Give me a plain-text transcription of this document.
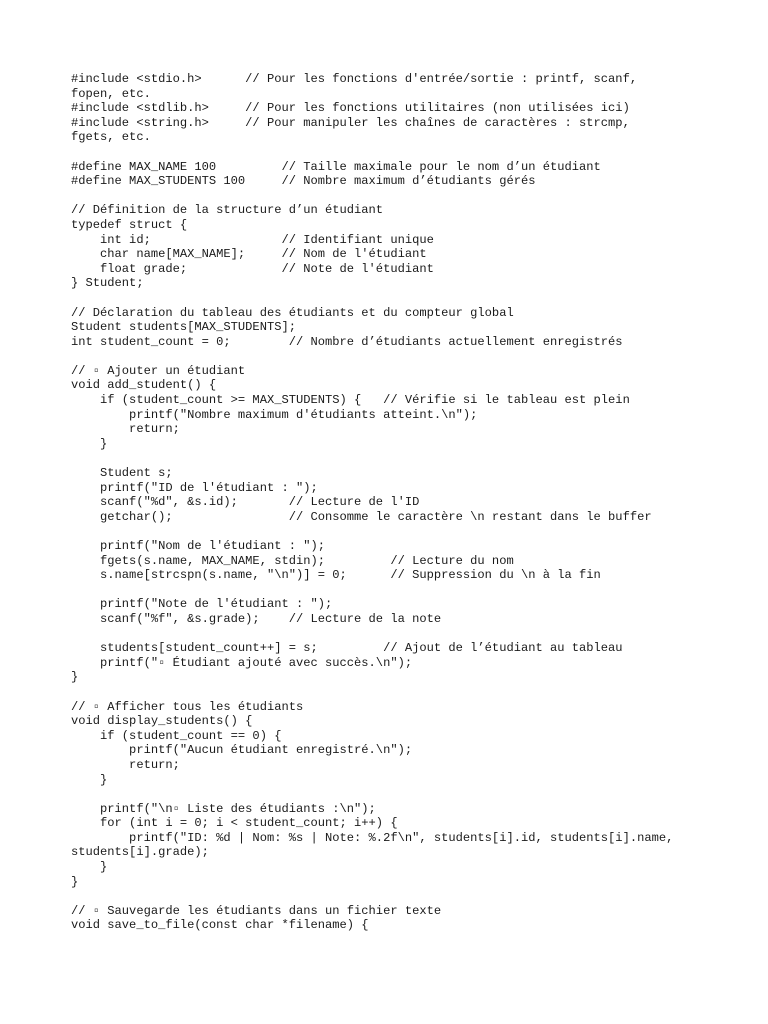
#include <stdio.h>      // Pour les fonctions d'entrée/sortie : printf, scanf,
fopen, etc.
#include <stdlib.h>     // Pour les fonctions utilitaires (non utilisées ici)
#include <string.h>     // Pour manipuler les chaînes de caractères : strcmp,
fgets, etc.
#define MAX_NAME 100         // Taille maximale pour le nom d’un étudiant
#define MAX_STUDENTS 100     // Nombre maximum d’étudiants gérés
// Définition de la structure d’un étudiant
typedef struct {
int id;                  // Identifiant unique
char name[MAX_NAME];     // Nom de l'étudiant
float grade;             // Note de l'étudiant
} Student;
// Déclaration du tableau des étudiants et du compteur global
Student students[MAX_STUDENTS];
int student_count = 0;        // Nombre d’étudiants actuellement enregistrés
// ▫ Ajouter un étudiant
void add_student() {
if (student_count >= MAX_STUDENTS) {   // Vérifie si le tableau est plein
printf("Nombre maximum d'étudiants atteint.\n");
return;
}
Student s;
printf("ID de l'étudiant : ");
scanf("%d", &s.id);       // Lecture de l'ID
getchar();                // Consomme le caractère \n restant dans le buffer
printf("Nom de l'étudiant : ");
fgets(s.name, MAX_NAME, stdin);         // Lecture du nom
s.name[strcspn(s.name, "\n")] = 0;      // Suppression du \n à la fin
printf("Note de l'étudiant : ");
scanf("%f", &s.grade);    // Lecture de la note
students[student_count++] = s;         // Ajout de l’étudiant au tableau
printf("▫ Étudiant ajouté avec succès.\n");
}
// ▫ Afficher tous les étudiants
void display_students() {
if (student_count == 0) {
printf("Aucun étudiant enregistré.\n");
return;
}
printf("\n▫ Liste des étudiants :\n");
for (int i = 0; i < student_count; i++) {
printf("ID: %d | Nom: %s | Note: %.2f\n", students[i].id, students[i].name,
students[i].grade);
}
}
// ▫ Sauvegarde les étudiants dans un fichier texte
void save_to_file(const char *filename) {
